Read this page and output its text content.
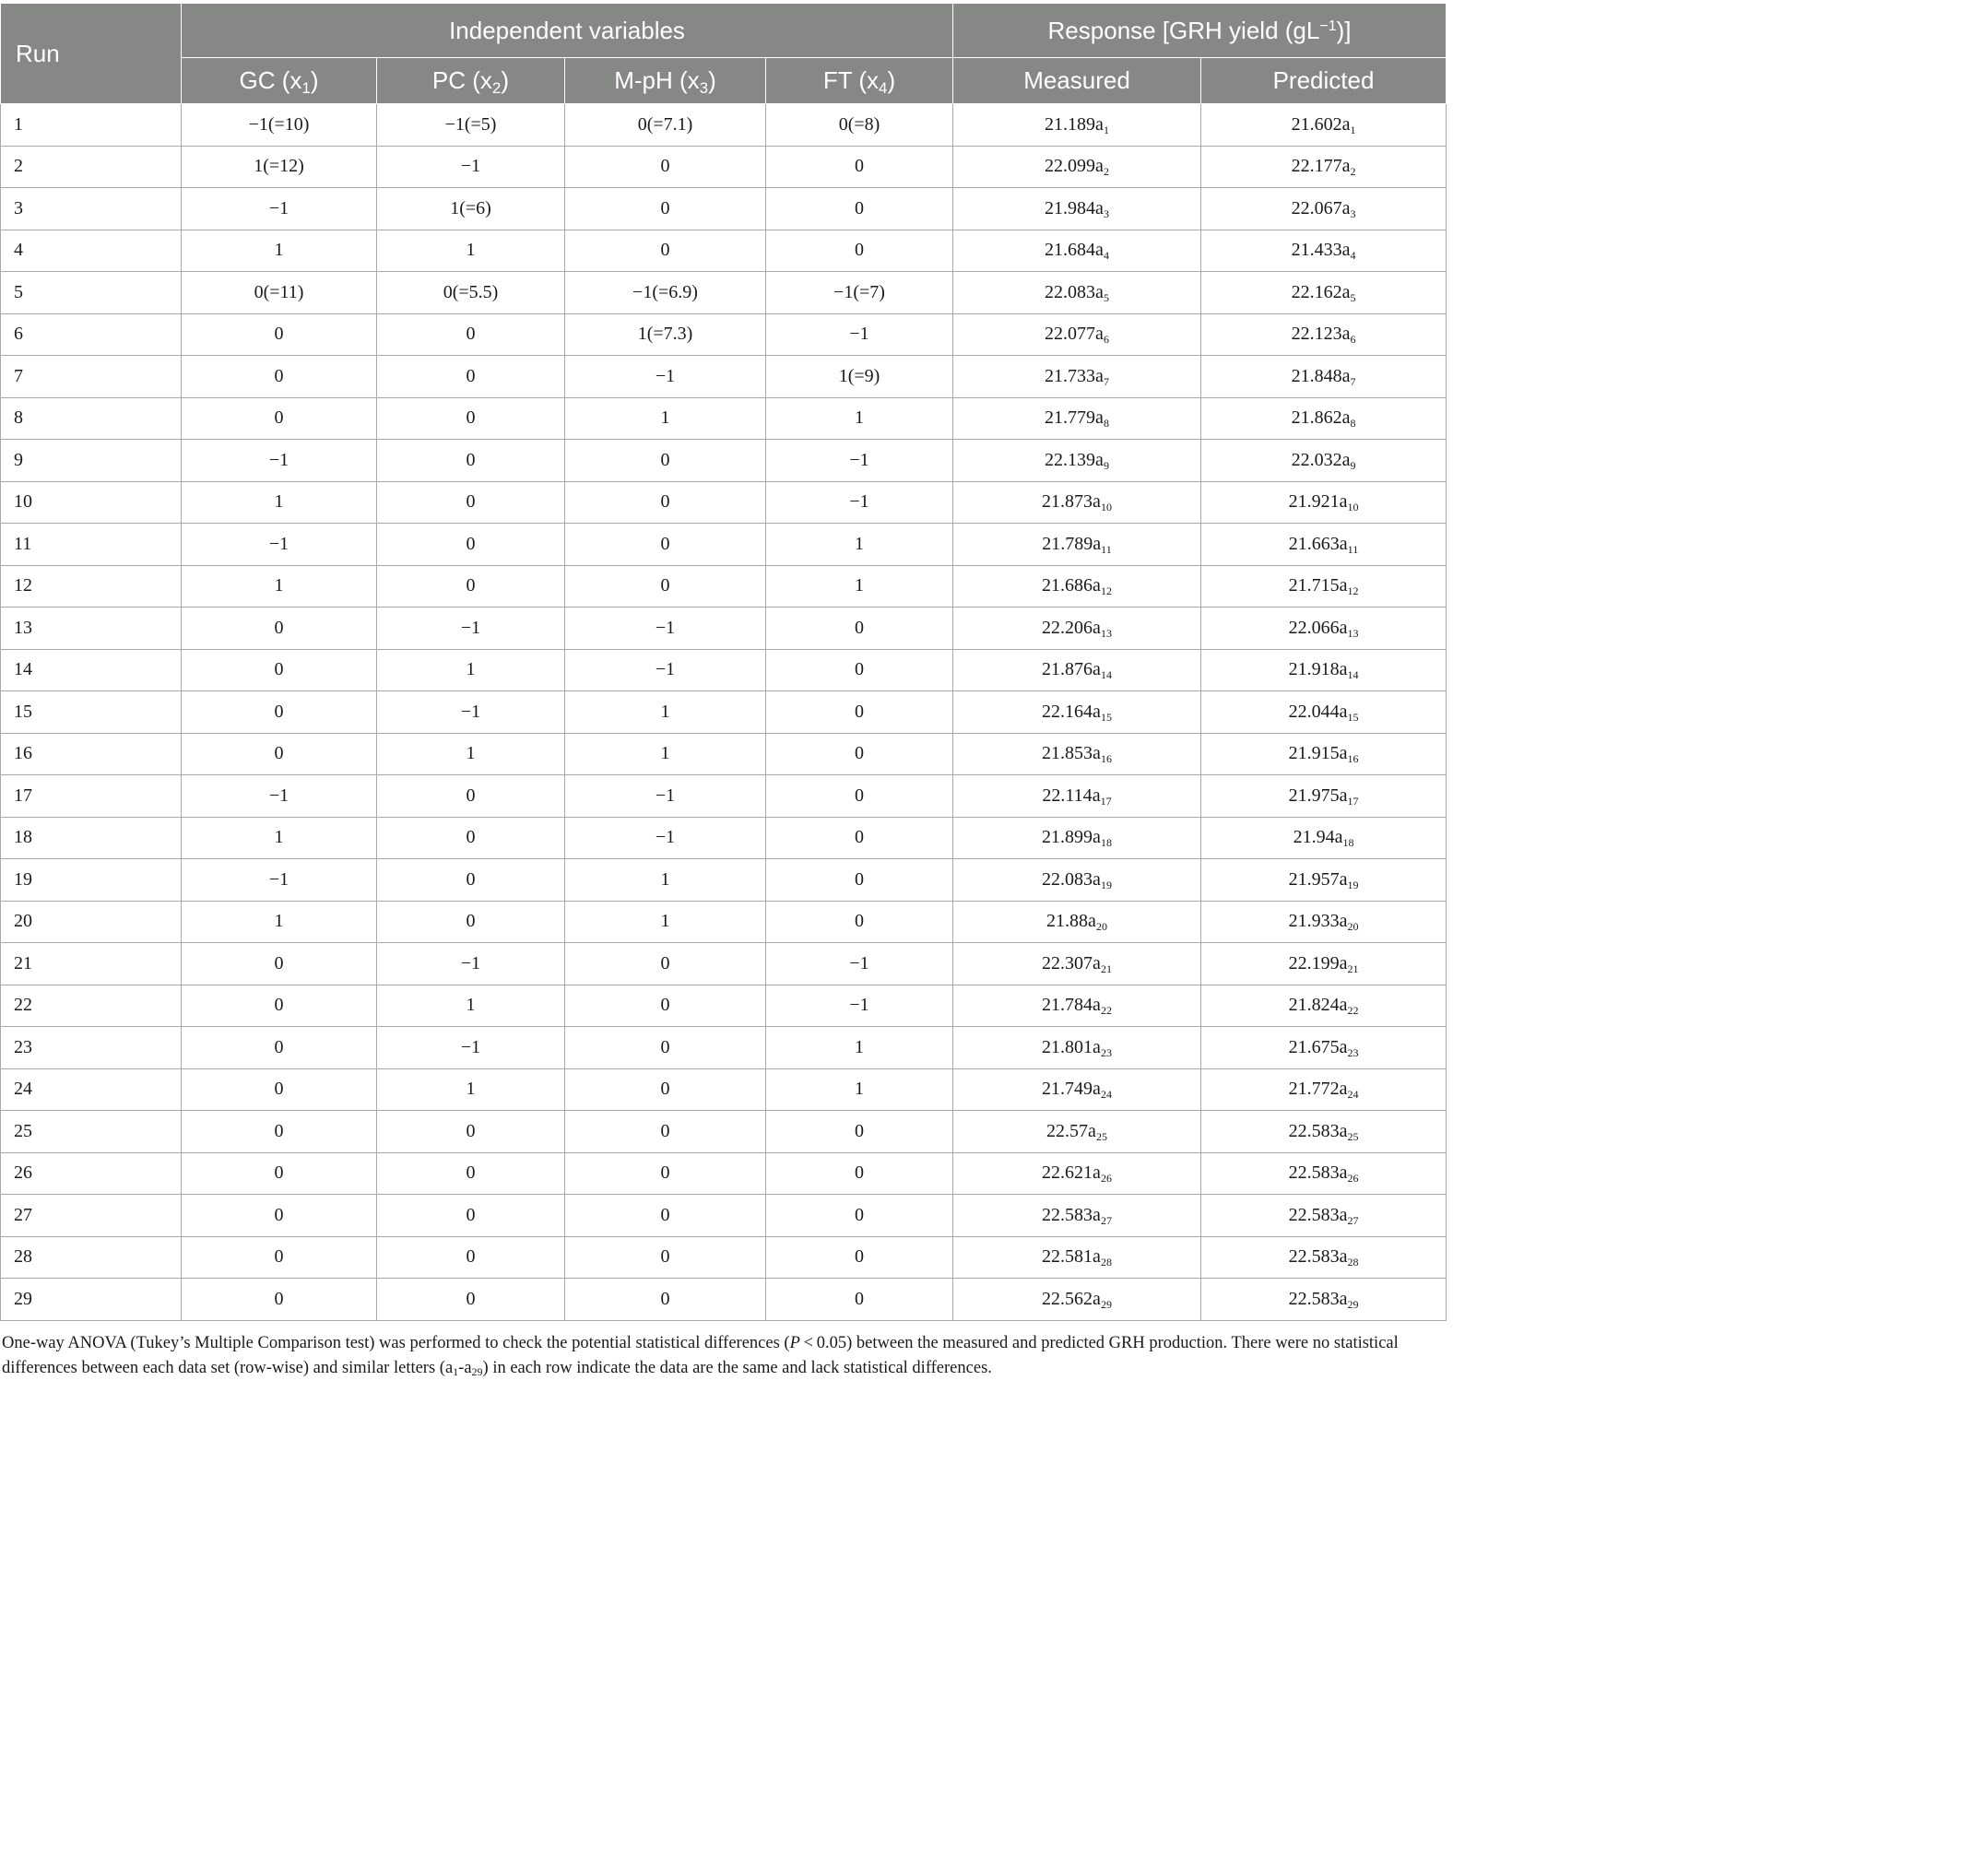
Run	Independent variables				Response [GRH yield $(gL^{-1})$]	
	GC $(x_1)$	PC $(x_2)$	M-pH $(x_3)$	FT $(x_4)$	Measured	Predicted
1	−1(=10)	−1(=5)	0(=7.1)	0(=8)	$21.189a_1$	$21.602a_1$
2	1(=12)	−1	0	0	$22.099a_2$	$22.177a_2$
3	−1	1(=6)	0	0	$21.984a_3$	$22.067a_3$
4	1	1	0	0	$21.684a_4$	$21.433a_4$
5	0(=11)	0(=5.5)	−1(=6.9)	−1(=7)	$22.083a_5$	$22.162a_5$
6	0	0	1(=7.3)	−1	$22.077a_6$	$22.123a_6$
7	0	0	−1	1(=9)	$21.733a_7$	$21.848a_7$
8	0	0	1	1	$21.779a_8$	$21.862a_8$
9	−1	0	0	−1	$22.139a_9$	$22.032a_9$
10	1	0	0	−1	$21.873a_{10}$	$21.921a_{10}$
11	−1	0	0	1	$21.789a_{11}$	$21.663a_{11}$
12	1	0	0	1	$21.686a_{12}$	$21.715a_{12}$
13	0	−1	−1	0	$22.206a_{13}$	$22.066a_{13}$
14	0	1	−1	0	$21.876a_{14}$	$21.918a_{14}$
15	0	−1	1	0	$22.164a_{15}$	$22.044a_{15}$
16	0	1	1	0	$21.853a_{16}$	$21.915a_{16}$
17	−1	0	−1	0	$22.114a_{17}$	$21.975a_{17}$
18	1	0	−1	0	$21.899a_{18}$	$21.94a_{18}$
19	−1	0	1	0	$22.083a_{19}$	$21.957a_{19}$
20	1	0	1	0	$21.88a_{20}$	$21.933a_{20}$
21	0	−1	0	−1	$22.307a_{21}$	$22.199a_{21}$
22	0	1	0	−1	$21.784a_{22}$	$21.824a_{22}$
23	0	−1	0	1	$21.801a_{23}$	$21.675a_{23}$
24	0	1	0	1	$21.749a_{24}$	$21.772a_{24}$
25	0	0	0	0	$22.57a_{25}$	$22.583a_{25}$
26	0	0	0	0	$22.621a_{26}$	$22.583a_{26}$
27	0	0	0	0	$22.583a_{27}$	$22.583a_{27}$
28	0	0	0	0	$22.581a_{28}$	$22.583a_{28}$
29	0	0	0	0	$22.562a_{29}$	$22.583a_{29}$

One-way ANOVA (Tukey’s Multiple Comparison test) was performed to check the potential statistical differences (P < 0.05) between the measured and predicted GRH production. There were no statistical differences between each data set (row-wise) and similar letters $(a_1-a_{29})$ in each row indicate the data are the same and lack statistical differences.
